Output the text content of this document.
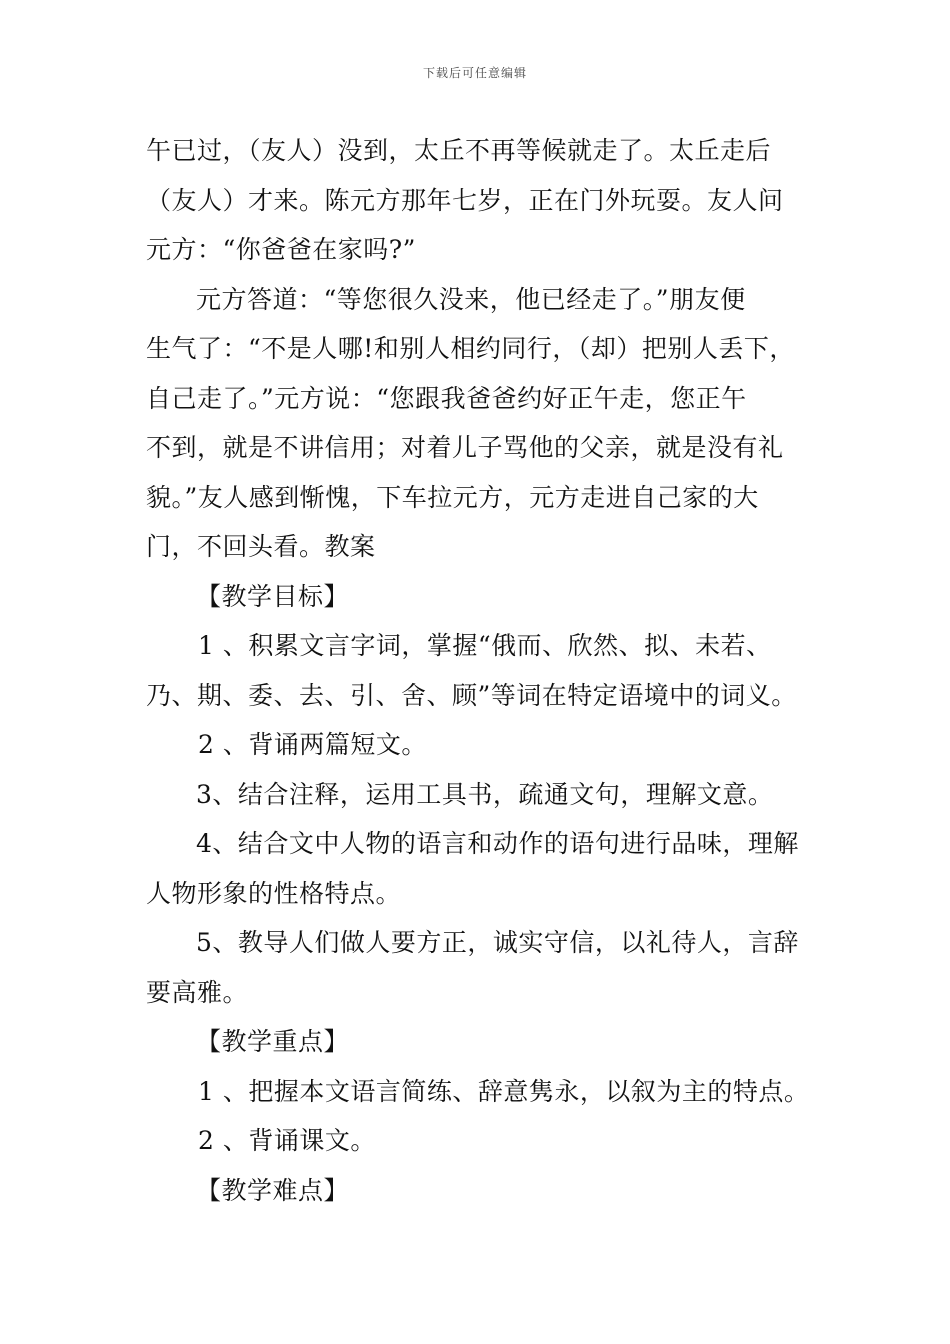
下载后可任意编辑
午已过，（友人）没到，太丘不再等候就走了。太丘走后
（友人）才来。陈元方那年七岁，正在门外玩耍。友人问
元方：“你爸爸在家吗?”
元方答道：“等您很久没来，他已经走了。”朋友便
生气了：“不是人哪!和别人相约同行，（却）把别人丢下，
自己走了。”元方说：“您跟我爸爸约好正午走，您正午
不到，就是不讲信用；对着儿子骂他的父亲，就是没有礼
貌。”友人感到惭愧，下车拉元方，元方走进自己家的大
门，不回头看。教案
【教学目标】
1 、积累文言字词，掌握“俄而、欣然、拟、未若、
乃、期、委、去、引、舍、顾”等词在特定语境中的词义。
2 、背诵两篇短文。
3、结合注释，运用工具书，疏通文句，理解文意。
4、结合文中人物的语言和动作的语句进行品味，理解
人物形象的性格特点。
5、教导人们做人要方正，诚实守信，以礼待人，言辞
要高雅。
【教学重点】
1 、把握本文语言简练、辞意隽永，以叙为主的特点。
2 、背诵课文。
【教学难点】
